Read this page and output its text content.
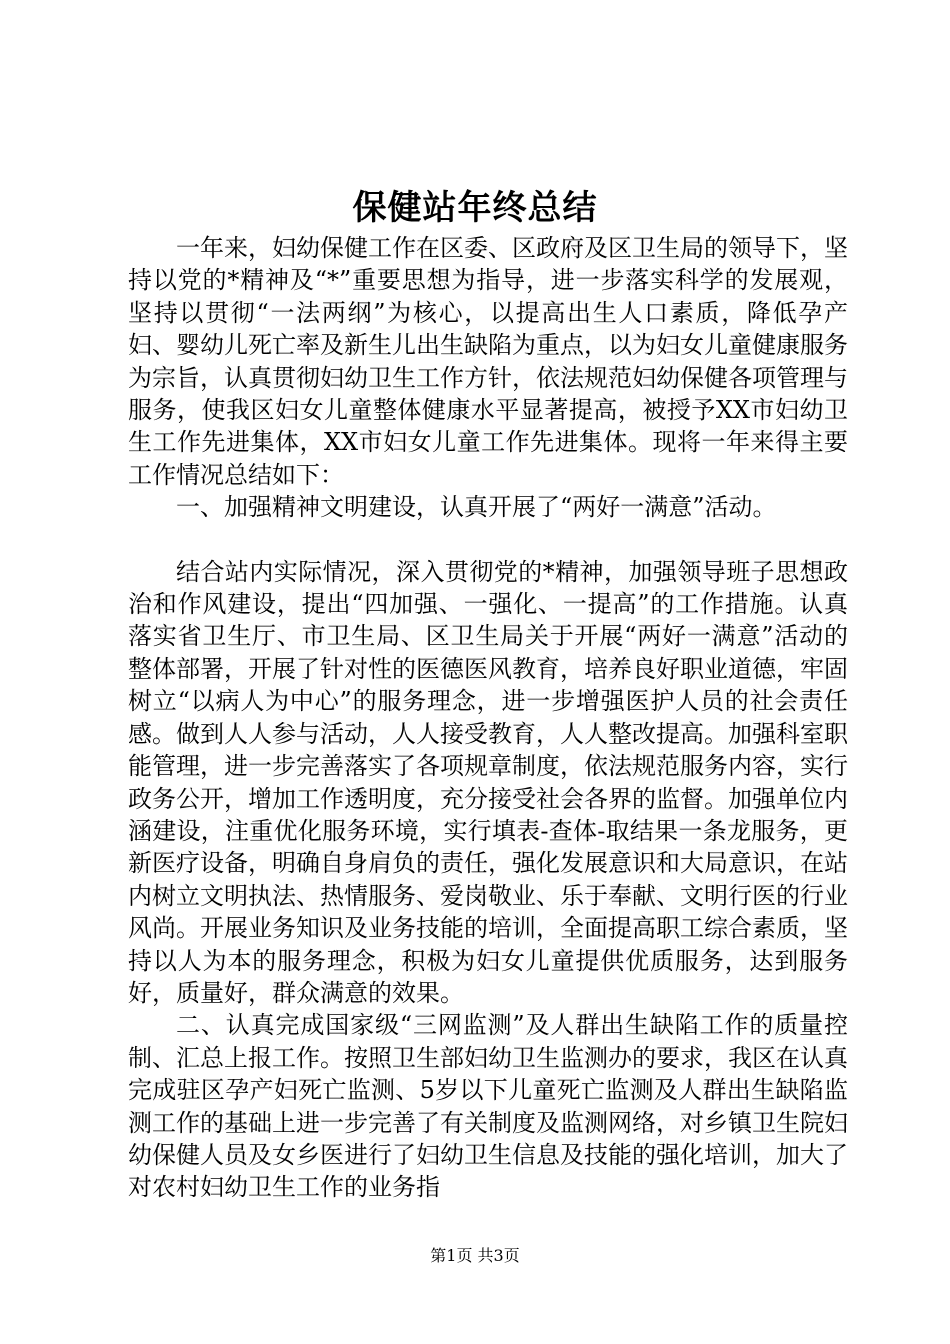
保健站年终总结

一年来，妇幼保健工作在区委、区政府及区卫生局的领导下，坚持以党的*精神及“*”重要思想为指导，进一步落实科学的发展观，坚持以贯彻“一法两纲”为核心，以提高出生人口素质，降低孕产妇、婴幼儿死亡率及新生儿出生缺陷为重点，以为妇女儿童健康服务为宗旨，认真贯彻妇幼卫生工作方针，依法规范妇幼保健各项管理与服务，使我区妇女儿童整体健康水平显著提高，被授予XX市妇幼卫生工作先进集体，XX市妇女儿童工作先进集体。现将一年来得主要工作情况总结如下：

一、加强精神文明建设，认真开展了“两好一满意”活动。

结合站内实际情况，深入贯彻党的*精神，加强领导班子思想政治和作风建设，提出“四加强、一强化、一提高”的工作措施。认真落实省卫生厅、市卫生局、区卫生局关于开展“两好一满意”活动的整体部署，开展了针对性的医德医风教育，培养良好职业道德，牢固树立“以病人为中心”的服务理念，进一步增强医护人员的社会责任感。做到人人参与活动，人人接受教育，人人整改提高。加强科室职能管理，进一步完善落实了各项规章制度，依法规范服务内容，实行政务公开，增加工作透明度，充分接受社会各界的监督。加强单位内涵建设，注重优化服务环境，实行填表-查体-取结果一条龙服务，更新医疗设备，明确自身肩负的责任，强化发展意识和大局意识，在站内树立文明执法、热情服务、爱岗敬业、乐于奉献、文明行医的行业风尚。开展业务知识及业务技能的培训，全面提高职工综合素质，坚持以人为本的服务理念，积极为妇女儿童提供优质服务，达到服务好，质量好，群众满意的效果。

二、认真完成国家级“三网监测”及人群出生缺陷工作的质量控制、汇总上报工作。按照卫生部妇幼卫生监测办的要求，我区在认真完成驻区孕产妇死亡监测、5岁以下儿童死亡监测及人群出生缺陷监测工作的基础上进一步完善了有关制度及监测网络，对乡镇卫生院妇幼保健人员及女乡医进行了妇幼卫生信息及技能的强化培训，加大了对农村妇幼卫生工作的业务指

第1页 共3页
